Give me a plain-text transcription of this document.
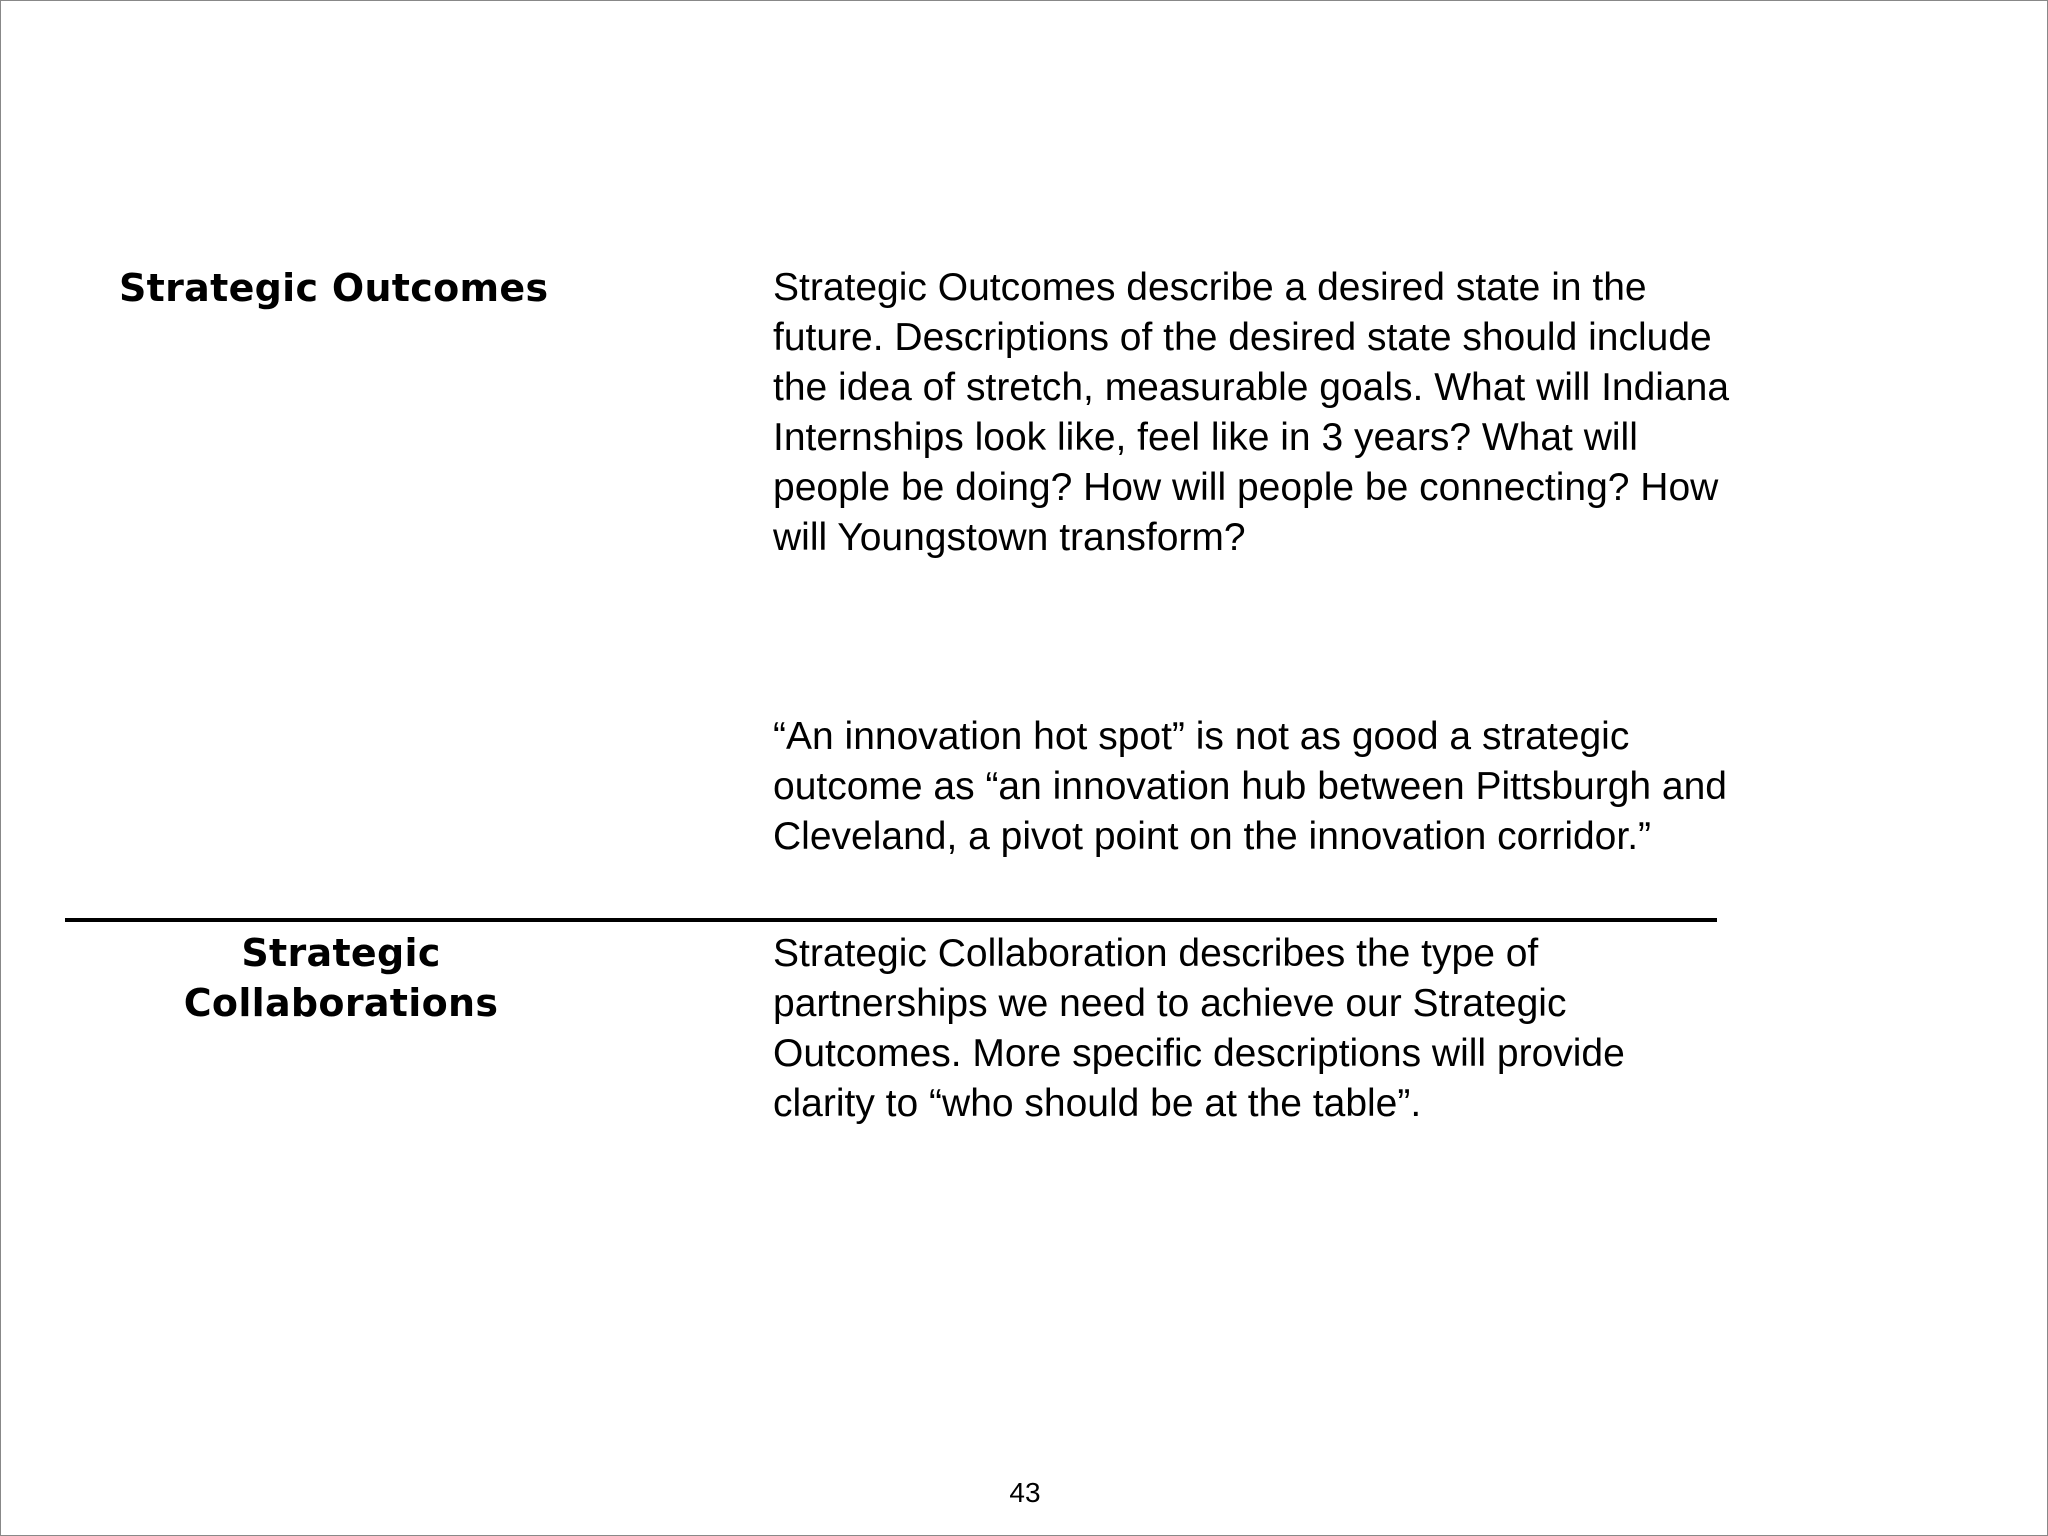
Strategic Outcomes	Strategic Outcomes describe a desired state in the future. Descriptions of the desired state should include the idea of stretch, measurable goals. What will Indiana Internships look like, feel like in 3 years? What will people be doing? How will people be connecting? How will Youngstown transform?
“An innovation hot spot” is not as good a strategic outcome as “an innovation hub between Pittsburgh and Cleveland, a pivot point on the innovation corridor.”
Strategic Collaborations
Strategic Collaboration describes the type of partnerships we need to achieve our Strategic Outcomes. More specific descriptions will provide clarity to “who should be at the table”.
43
